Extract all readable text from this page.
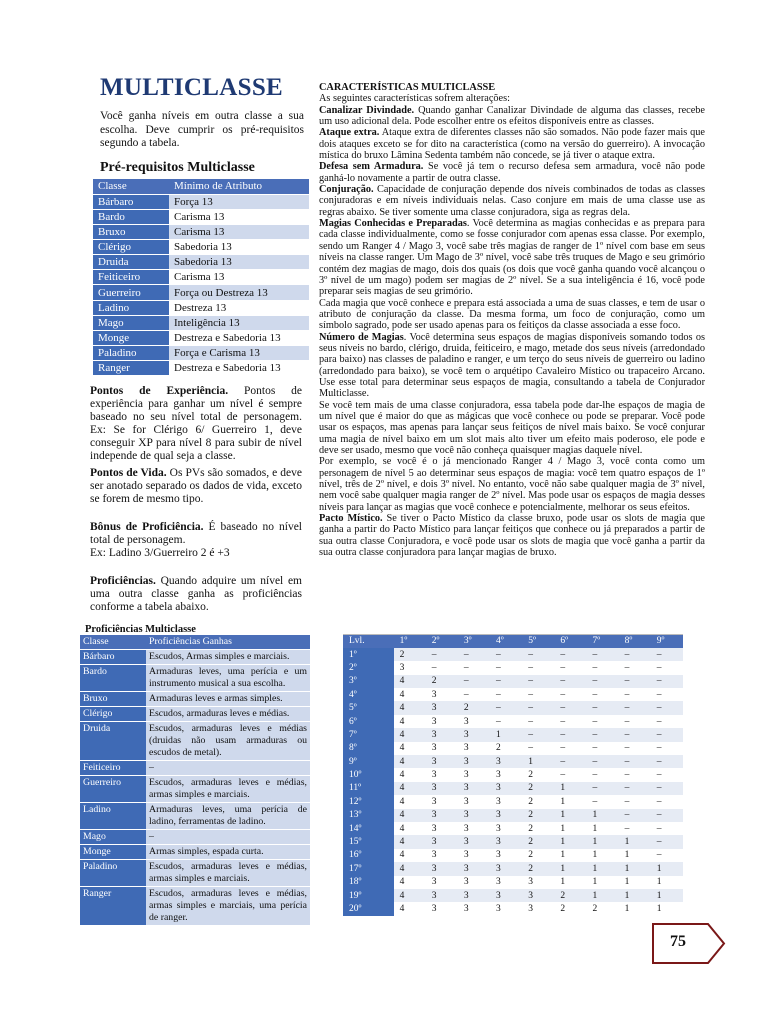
MULTICLASSE
Você ganha níveis em outra classe a sua escolha. Deve cumprir os pré-requisitos segundo a tabela.
Pré-requisitos Multiclasse
Classe	Mínimo de Atributo
Bárbaro	Força 13
Bardo	Carisma 13
Bruxo	Carisma 13
Clérigo	Sabedoria 13
Druida	Sabedoria 13
Feiticeiro	Carisma 13
Guerreiro	Força ou Destreza 13
Ladino	Destreza 13
Mago	Inteligência 13
Monge	Destreza e Sabedoria 13
Paladino	Força e Carisma 13
Ranger	Destreza e Sabedoria 13
Pontos de Experiência. Pontos de experiência para ganhar um nível é sempre baseado no seu nível total de personagem. Ex: Se for Clérigo 6/ Guerreiro 1, deve conseguir XP para nível 8 para subir de nível independe de qual seja a classe.
Pontos de Vida. Os PVs são somados, e deve ser anotado separado os dados de vida, exceto se forem de mesmo tipo.
Bônus de Proficiência. É baseado no nível total de personagem.
Ex: Ladino 3/Guerreiro 2 é +3
Proficiências. Quando adquire um nível em uma outra classe ganha as proficiências conforme a tabela abaixo.
Proficiências Multiclasse
Classe	Proficiências Ganhas
Bárbaro	Escudos, Armas simples e marciais.
Bardo	Armaduras leves, uma perícia e um instrumento musical a sua escolha.
Bruxo	Armaduras leves e armas simples.
Clérigo	Escudos, armaduras leves e médias.
Druida	Escudos, armaduras leves e médias (druidas não usam armaduras ou escudos de metal).
Feiticeiro	–
Guerreiro	Escudos, armaduras leves e médias, armas simples e marciais.
Ladino	Armaduras leves, uma perícia de ladino, ferramentas de ladino.
Mago	–
Monge	Armas simples, espada curta.
Paladino	Escudos, armaduras leves e médias, armas simples e marciais.
Ranger	Escudos, armaduras leves e médias, armas simples e marciais, uma perícia de ranger.

CARACTERÍSTICAS MULTICLASSE

As seguintes características sofrem alterações:

Canalizar Divindade. Quando ganhar Canalizar Divindade de alguma das classes, recebe um uso adicional dela. Pode escolher entre os efeitos disponíveis entre as classes.

Ataque extra. Ataque extra de diferentes classes não são somados. Não pode fazer mais que dois ataques exceto se for dito na característica (como na versão do guerreiro). A invocação mística do bruxo Lâmina Sedenta também não concede, se já tiver o ataque extra.

Defesa sem Armadura. Se você já tem o recurso defesa sem armadura, você não pode ganhá-lo novamente a partir de outra classe.

Conjuração. Capacidade de conjuração depende dos níveis combinados de todas as classes conjuradoras e em níveis individuais nelas. Caso conjure em mais de uma classe use as regras abaixo. Se tiver somente uma classe conjuradora, siga as regras dela.

Magias Conhecidas e Preparadas. Você determina as magias conhecidas e as prepara para cada classe individualmente, como se fosse conjurador com apenas essa classe. Por exemplo, sendo um Ranger 4 / Mago 3, você sabe três magias de ranger de 1º nível com base em seus níveis na classe ranger. Um Mago de 3º nível, você sabe três truques de Mago e seu grimório contém dez magias de mago, dois dos quais (os dois que você ganha quando você alcançou o 3º nível de um mago) podem ser magias de 2º nível. Se a sua inteligência é 16, você pode preparar seis magias de seu grimório.

Cada magia que você conhece e prepara está associada a uma de suas classes, e tem de usar o atributo de conjuração da classe. Da mesma forma, um foco de conjuração, como um símbolo sagrado, pode ser usado apenas para os feitiços da classe associada a esse foco.

Número de Magias. Você determina seus espaços de magias disponíveis somando todos os seus níveis no bardo, clérigo, druida, feiticeiro, e mago, metade dos seus níveis (arredondado para baixo) nas classes de paladino e ranger, e um terço do seus níveis de guerreiro ou ladino (arredondado para baixo), se você tem o arquétipo Cavaleiro Místico ou trapaceiro Arcano. Use esse total para determinar seus espaços de magia, consultando a tabela de Conjurador Multiclasse.

Se você tem mais de uma classe conjuradora, essa tabela pode dar-lhe espaços de magia de um nível que é maior do que as mágicas que você conhece ou pode se preparar. Você pode usar os espaços, mas apenas para lançar seus feitiços de nível mais baixo. Se você conjurar uma magia de nível baixo em um slot mais alto tiver um efeito mais poderoso, ele pode e deve ser usado, mesmo que você não conheça quaisquer magias daquele nível.

Por exemplo, se você é o já mencionado Ranger 4 / Mago 3, você conta como um personagem de nível 5 ao determinar seus espaços de magia: você tem quatro espaços de 1º nível, três de 2º nível, e dois 3º nível. No entanto, você não sabe qualquer magia de 3º nível, nem você sabe qualquer magia ranger de 2º nível. Mas pode usar os espaços de magia desses níveis para lançar as magias que você conhece e potencialmente, melhorar os seus efeitos.

Pacto Místico. Se tiver o Pacto Místico da classe bruxo, pode usar os slots de magia que ganha a partir do Pacto Místico para lançar feitiços que conhece ou já preparados a partir de sua outra classe Conjuradora, e você pode usar os slots de magia que você ganha a partir da sua outra classe conjuradora para lançar magias de bruxo.

Lvl.	1º	2º	3º	4º	5º	6º	7º	8º	9º
1º	2	–	–	–	–	–	–	–	–
2º	3	–	–	–	–	–	–	–	–
3º	4	2	–	–	–	–	–	–	–
4º	4	3	–	–	–	–	–	–	–
5º	4	3	2	–	–	–	–	–	–
6º	4	3	3	–	–	–	–	–	–
7º	4	3	3	1	–	–	–	–	–
8º	4	3	3	2	–	–	–	–	–
9º	4	3	3	3	1	–	–	–	–
10º	4	3	3	3	2	–	–	–	–
11º	4	3	3	3	2	1	–	–	–
12º	4	3	3	3	2	1	–	–	–
13º	4	3	3	3	2	1	1	–	–
14º	4	3	3	3	2	1	1	–	–
15º	4	3	3	3	2	1	1	1	–
16º	4	3	3	3	2	1	1	1	–
17º	4	3	3	3	2	1	1	1	1
18º	4	3	3	3	3	1	1	1	1
19º	4	3	3	3	3	2	1	1	1
20º	4	3	3	3	3	2	2	1	1
75
